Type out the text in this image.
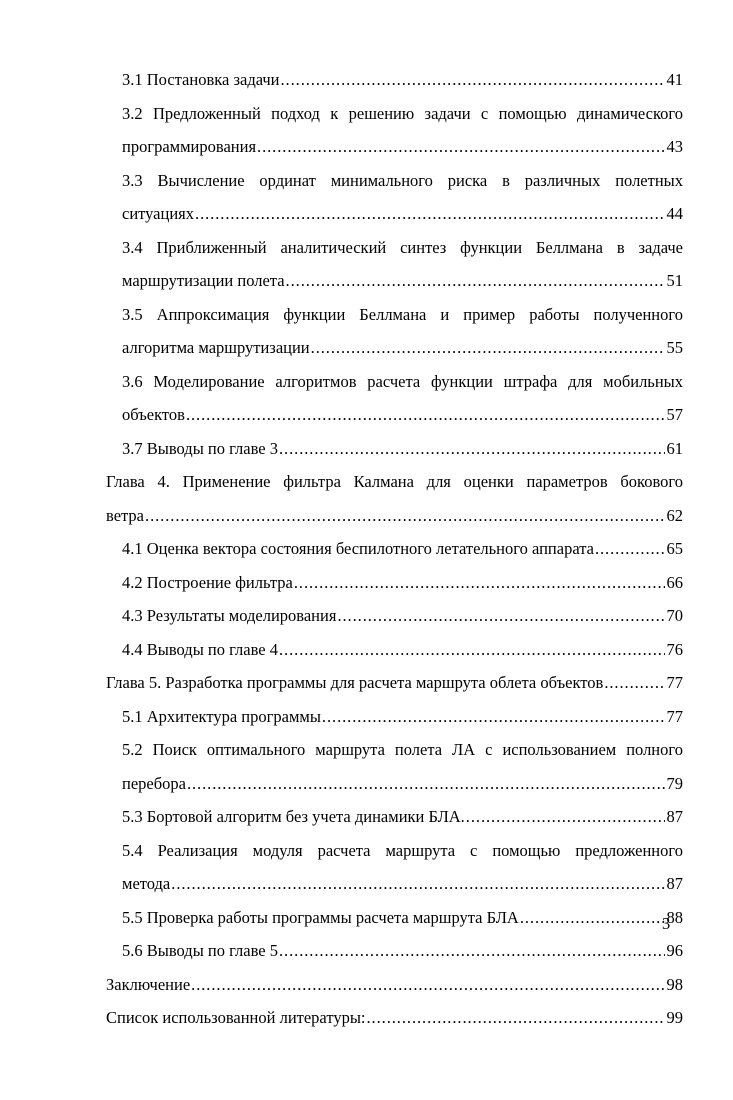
3.1 Постановка задачи . . .	41
3.2 Предложенный подход к решению задачи с помощью динамического
программирования . . .	43
3.3 Вычисление ординат минимального риска в различных полетных
ситуациях . . .	44
3.4 Приближенный аналитический синтез функции Беллмана в задаче
маршрутизации полета . . .	51
3.5 Аппроксимация функции Беллмана и пример работы полученного
алгоритма маршрутизации . . .	55
3.6 Моделирование алгоритмов расчета функции штрафа для мобильных
объектов . . .	57
3.7 Выводы по главе 3 . . .	61
Глава 4. Применение фильтра Калмана для оценки параметров бокового
ветра . . .	62
4.1 Оценка вектора состояния беспилотного летательного аппарата . . .	65
4.2 Построение фильтра . . .	66
4.3 Результаты моделирования . . .	70
4.4 Выводы по главе 4 . . .	76
Глава 5. Разработка программы для расчета маршрута облета объектов . . .	77
5.1 Архитектура программы . . .	77
5.2 Поиск оптимального маршрута полета ЛА с использованием полного
перебора . . .	79
5.3 Бортовой алгоритм без учета динамики БЛА. . . .	87
5.4 Реализация модуля расчета маршрута с помощью предложенного
метода . . .	87
5.5 Проверка работы программы расчета маршрута БЛА . . .	88
5.6 Выводы по главе 5 . . .	96
Заключение . . .	98
Список использованной литературы: . . .	99
3
